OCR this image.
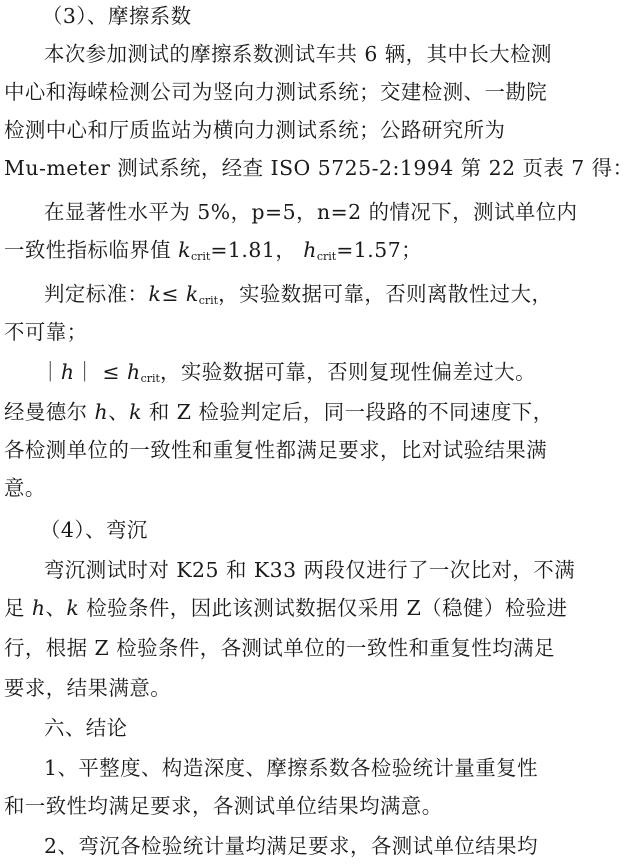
（3）、摩擦系数
本次参加测试的摩擦系数测试车共 6 辆，其中长大检测
中心和海嵘检测公司为竖向力测试系统；交建检测、一勘院
检测中心和厅质监站为横向力测试系统；公路研究所为
Mu-meter 测试系统，经查 ISO 5725-2:1994 第 22 页表 7 得：
在显著性水平为 5%，p=5，n=2 的情况下，测试单位内
一致性指标临界值 $k_{crit}=1.81$， $h_{crit}=1.57$；
判定标准：$k\le k_{crit}$，实验数据可靠，否则离散性过大，
不可靠；
｜h｜ ≤ $h_{crit}$，实验数据可靠，否则复现性偏差过大。
经曼德尔 h、k 和 Z 检验判定后，同一段路的不同速度下，
各检测单位的一致性和重复性都满足要求，比对试验结果满
意。
（4）、弯沉
弯沉测试时对 K25 和 K33 两段仅进行了一次比对，不满
足 h、k 检验条件，因此该测试数据仅采用 Z（稳健）检验进
行，根据 Z 检验条件，各测试单位的一致性和重复性均满足
要求，结果满意。
六、结论
1、平整度、构造深度、摩擦系数各检验统计量重复性
和一致性均满足要求，各测试单位结果均满意。
2、弯沉各检验统计量均满足要求，各测试单位结果均
